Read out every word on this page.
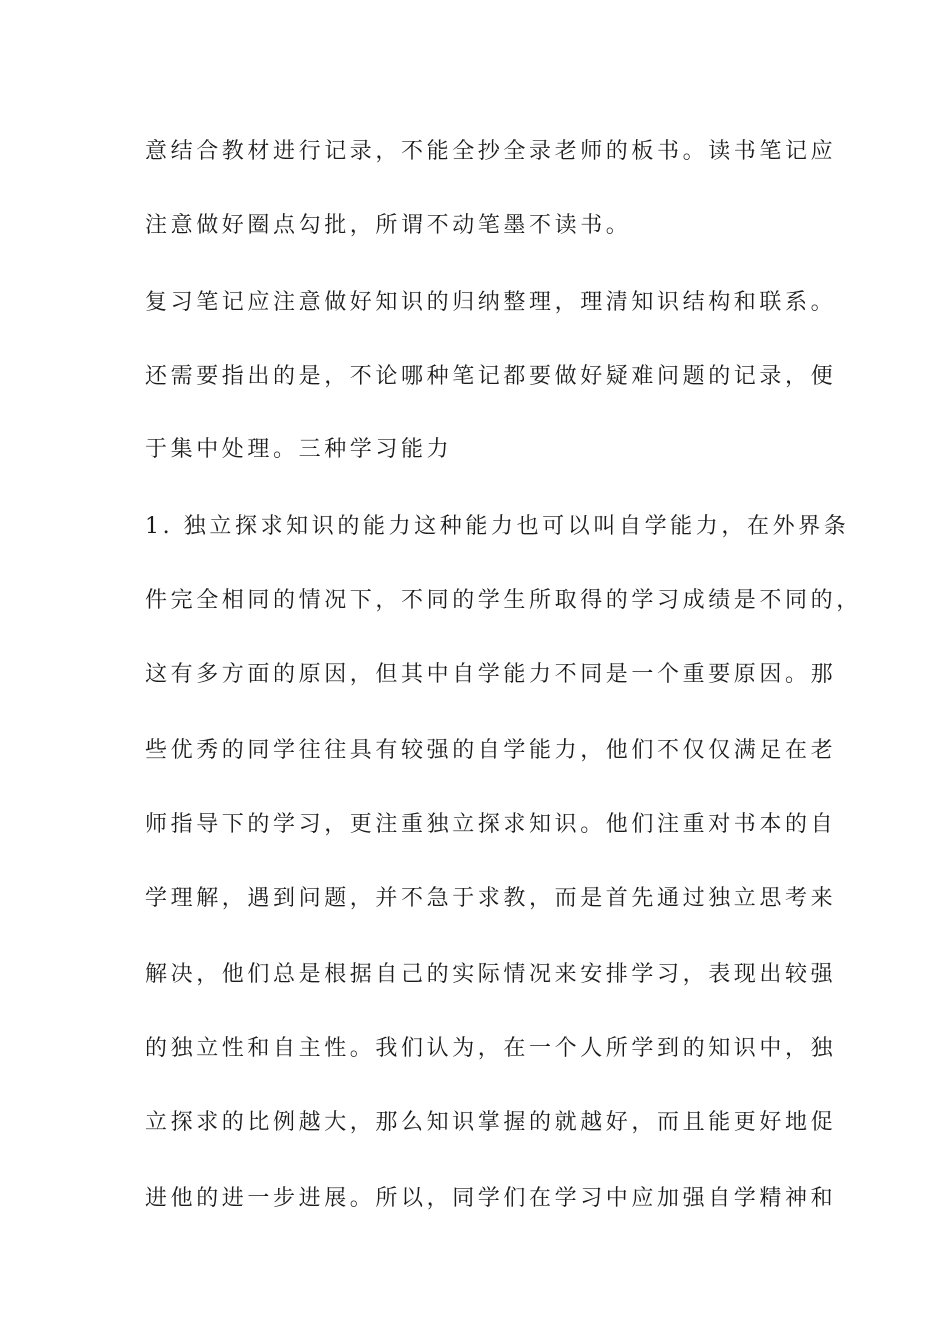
意结合教材进行记录，不能全抄全录老师的板书。读书笔记应
注意做好圈点勾批，所谓不动笔墨不读书。
复习笔记应注意做好知识的归纳整理，理清知识结构和联系。
还需要指出的是，不论哪种笔记都要做好疑难问题的记录，便
于集中处理。三种学习能力
1. 独立探求知识的能力这种能力也可以叫自学能力，在外界条
件完全相同的情况下，不同的学生所取得的学习成绩是不同的，
这有多方面的原因，但其中自学能力不同是一个重要原因。那
些优秀的同学往往具有较强的自学能力，他们不仅仅满足在老
师指导下的学习，更注重独立探求知识。他们注重对书本的自
学理解，遇到问题，并不急于求教，而是首先通过独立思考来
解决，他们总是根据自己的实际情况来安排学习，表现出较强
的独立性和自主性。我们认为，在一个人所学到的知识中，独
立探求的比例越大，那么知识掌握的就越好，而且能更好地促
进他的进一步进展。所以，同学们在学习中应加强自学精神和
